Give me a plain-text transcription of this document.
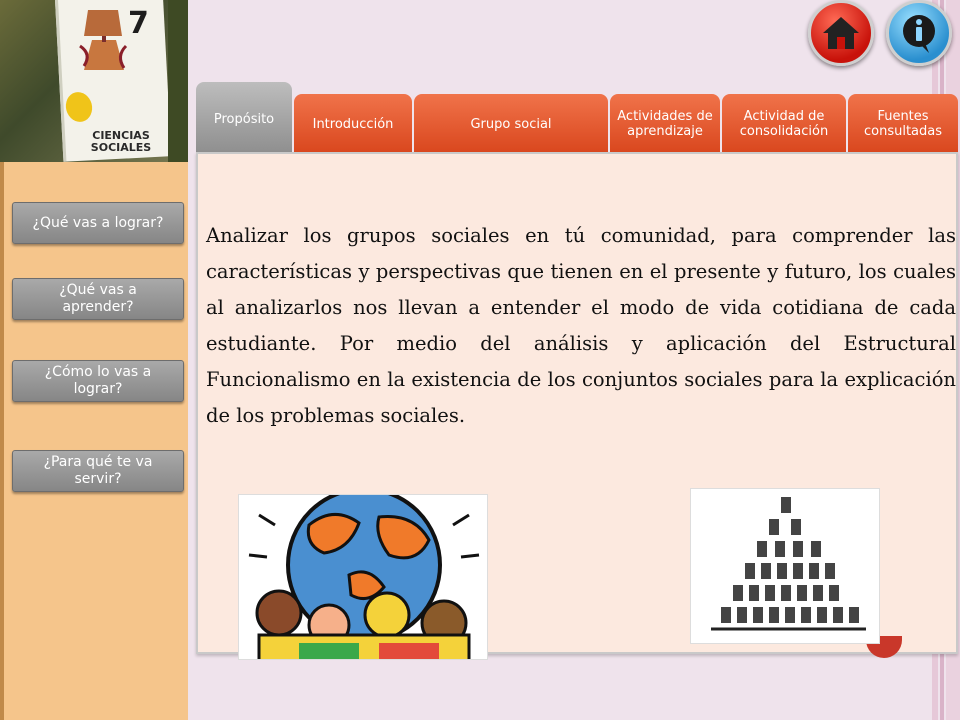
7
CIENCIAS SOCIALES
Propósito	Introducción	Grupo social	Actividades de aprendizaje
Actividad de consolidación
Fuentes consultadas
¿Qué vas a lograr?
¿Qué vas a aprender?
¿Cómo lo vas a lograr?
¿Para qué te va servir?

Analizar los grupos sociales en tú comunidad, para comprender las características y perspectivas que tienen en el presente y futuro, los cuales al analizarlos nos llevan a entender el modo de vida cotidiana de cada estudiante. Por medio del análisis y aplicación del Estructural Funcionalismo en la existencia de los conjuntos sociales para la explicación de los problemas sociales.
